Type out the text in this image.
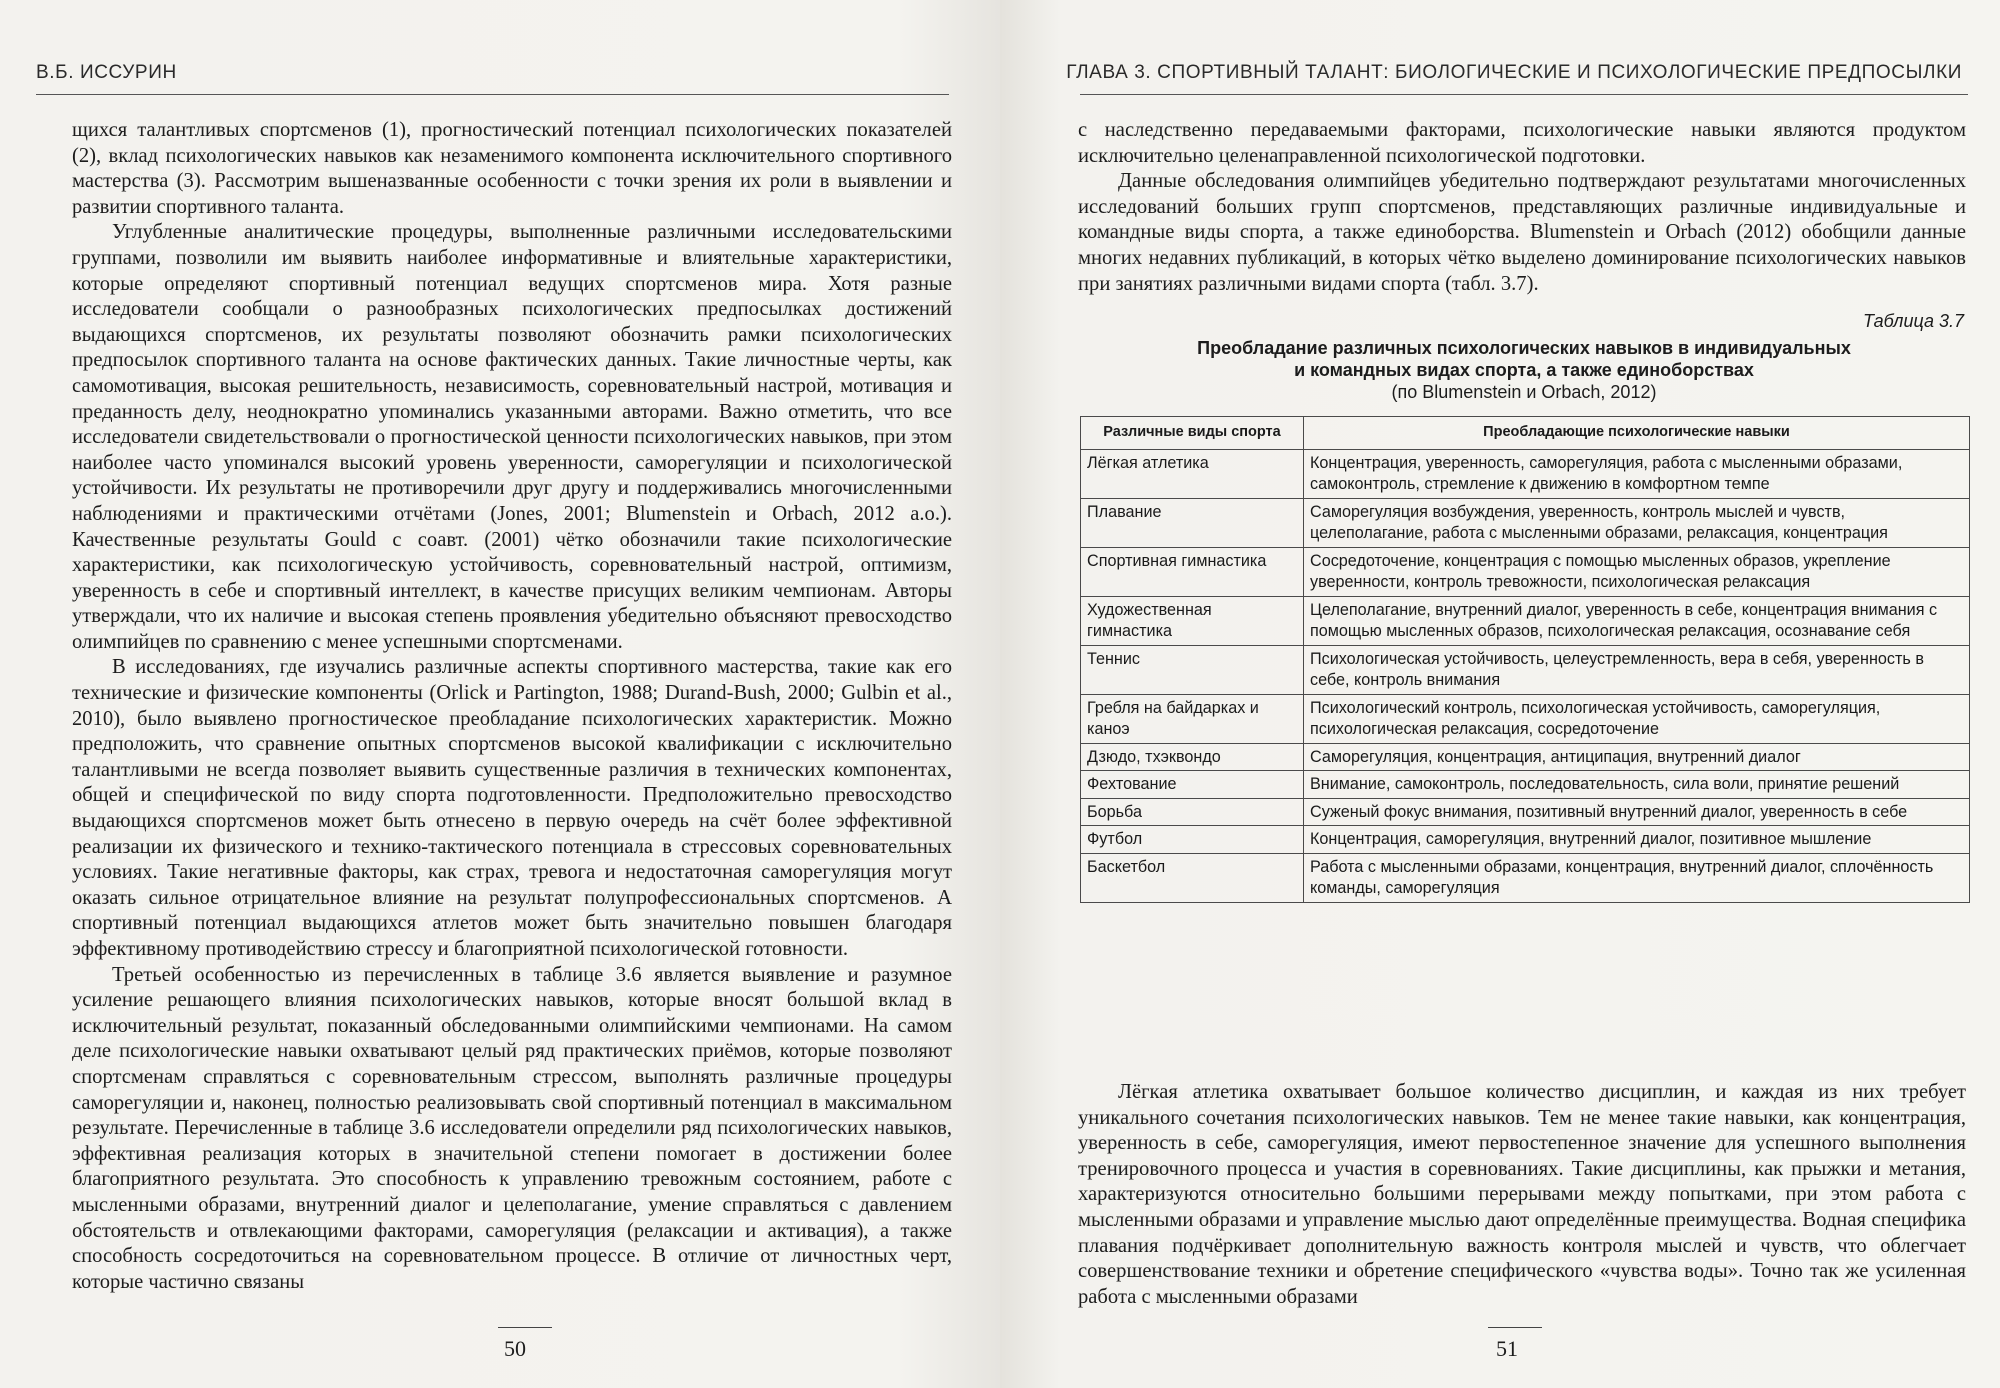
В.Б. ИССУРИН

щихся талантливых спортсменов (1), прогностический потенциал психологических показателей (2), вклад психологических навыков как незаменимого компонента исключительного спортивного мастерства (3). Рассмотрим вышеназванные особенности с точки зрения их роли в выявлении и развитии спортивного таланта.

Углубленные аналитические процедуры, выполненные различными исследовательскими группами, позволили им выявить наиболее информативные и влиятельные характеристики, которые определяют спортивный потенциал ведущих спортсменов мира. Хотя разные исследователи сообщали о разнообразных психологических предпосылках достижений выдающихся спортсменов, их результаты позволяют обозначить рамки психологических предпосылок спортивного таланта на основе фактических данных. Такие личностные черты, как самомотивация, высокая решительность, независимость, соревновательный настрой, мотивация и преданность делу, неоднократно упоминались указанными авторами. Важно отметить, что все исследователи свидетельствовали о прогностической ценности психологических навыков, при этом наиболее часто упоминался высокий уровень уверенности, саморегуляции и психологической устойчивости. Их результаты не противоречили друг другу и поддерживались многочисленными наблюдениями и практическими отчётами (Jones, 2001; Blumenstein и Orbach, 2012 a.o.). Качественные результаты Gould с соавт. (2001) чётко обозначили такие психологические характеристики, как психологическую устойчивость, соревновательный настрой, оптимизм, уверенность в себе и спортивный интеллект, в качестве присущих великим чемпионам. Авторы утверждали, что их наличие и высокая степень проявления убедительно объясняют превосходство олимпийцев по сравнению с менее успешными спортсменами.

В исследованиях, где изучались различные аспекты спортивного мастерства, такие как его технические и физические компоненты (Orlick и Partington, 1988; Durand-Bush, 2000; Gulbin et al., 2010), было выявлено прогностическое преобладание психологических характеристик. Можно предположить, что сравнение опытных спортсменов высокой квалификации с исключительно талантливыми не всегда позволяет выявить существенные различия в технических компонентах, общей и специфической по виду спорта подготовленности. Предположительно превосходство выдающихся спортсменов может быть отнесено в первую очередь на счёт более эффективной реализации их физического и технико-тактического потенциала в стрессовых соревновательных условиях. Такие негативные факторы, как страх, тревога и недостаточная саморегуляция могут оказать сильное отрицательное влияние на результат полупрофессиональных спортсменов. А спортивный потенциал выдающихся атлетов может быть значительно повышен благодаря эффективному противодействию стрессу и благоприятной психологической готовности.

Третьей особенностью из перечисленных в таблице 3.6 является выявление и разумное усиление решающего влияния психологических навыков, которые вносят большой вклад в исключительный результат, показанный обследованными олимпийскими чемпионами. На самом деле психологические навыки охватывают целый ряд практических приёмов, которые позволяют спортсменам справляться с соревновательным стрессом, выполнять различные процедуры саморегуляции и, наконец, полностью реализовывать свой спортивный потенциал в максимальном результате. Перечисленные в таблице 3.6 исследователи определили ряд психологических навыков, эффективная реализация которых в значительной степени помогает в достижении более благоприятного результата. Это способность к управлению тревожным состоянием, работе с мысленными образами, внутренний диалог и целеполагание, умение справляться с давлением обстоятельств и отвлекающими факторами, саморегуляция (релаксации и активация), а также способность сосредоточиться на соревновательном процессе. В отличие от личностных черт, которые частично связаны

50
ГЛАВА 3. СПОРТИВНЫЙ ТАЛАНТ: БИОЛОГИЧЕСКИЕ И ПСИХОЛОГИЧЕСКИЕ ПРЕДПОСЫЛКИ

с наследственно передаваемыми факторами, психологические навыки являются продуктом исключительно целенаправленной психологической подготовки.

Данные обследования олимпийцев убедительно подтверждают результатами многочисленных исследований больших групп спортсменов, представляющих различные индивидуальные и командные виды спорта, а также единоборства. Blumenstein и Orbach (2012) обобщили данные многих недавних публикаций, в которых чётко выделено доминирование психологических навыков при занятиях различными видами спорта (табл. 3.7).

Таблица 3.7
Преобладание различных психологических навыков в индивидуальных
и командных видах спорта, а также единоборствах
(по Blumenstein и Orbach, 2012)
Различные виды спорта	Преобладающие психологические навыки
Лёгкая атлетика	Концентрация, уверенность, саморегуляция, работа с мысленными образами, самоконтроль, стремление к движению в комфортном темпе
Плавание	Саморегуляция возбуждения, уверенность, контроль мыслей и чувств, целеполагание, работа с мысленными образами, релаксация, концентрация
Спортивная гимнастика	Сосредоточение, концентрация с помощью мысленных образов, укрепление уверенности, контроль тревожности, психологическая релаксация
Художественная гимнастика	Целеполагание, внутренний диалог, уверенность в себе, концентрация внимания с помощью мысленных образов, психологическая релаксация, осознавание себя
Теннис	Психологическая устойчивость, целеустремленность, вера в себя, уверенность в себе, контроль внимания
Гребля на байдарках и каноэ	Психологический контроль, психологическая устойчивость, саморегуляция, психологическая релаксация, сосредоточение
Дзюдо, тхэквондо	Саморегуляция, концентрация, антиципация, внутренний диалог
Фехтование	Внимание, самоконтроль, последовательность, сила воли, принятие решений
Борьба	Суженый фокус внимания, позитивный внутренний диалог, уверенность в себе
Футбол	Концентрация, саморегуляция, внутренний диалог, позитивное мышление
Баскетбол	Работа с мысленными образами, концентрация, внутренний диалог, сплочённость команды, саморегуляция

Лёгкая атлетика охватывает большое количество дисциплин, и каждая из них требует уникального сочетания психологических навыков. Тем не менее такие навыки, как концентрация, уверенность в себе, саморегуляция, имеют первостепенное значение для успешного выполнения тренировочного процесса и участия в соревнованиях. Такие дисциплины, как прыжки и метания, характеризуются относительно большими перерывами между попытками, при этом работа с мысленными образами и управление мыслью дают определённые преимущества. Водная специфика плавания подчёркивает дополнительную важность контроля мыслей и чувств, что облегчает совершенствование техники и обретение специфического «чувства воды». Точно так же усиленная работа с мысленными образами

51
